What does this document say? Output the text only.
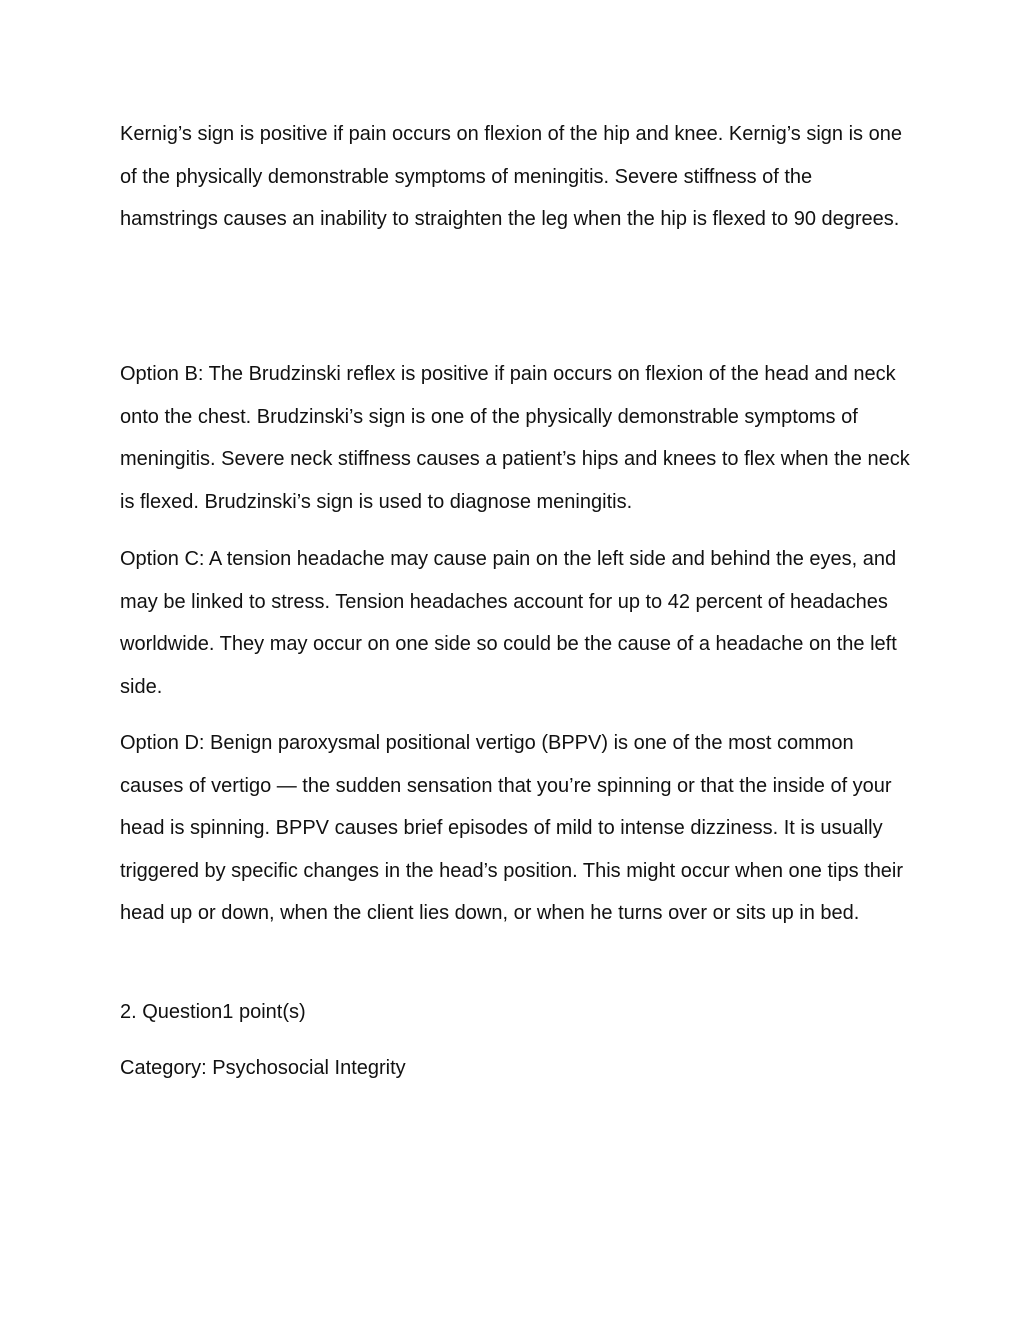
Kernig’s sign is positive if pain occurs on flexion of the hip and knee. Kernig’s sign is one of the physically demonstrable symptoms of meningitis. Severe stiffness of the hamstrings causes an inability to straighten the leg when the hip is flexed to 90 degrees.

Option B: The Brudzinski reflex is positive if pain occurs on flexion of the head and neck onto the chest. Brudzinski’s sign is one of the physically demonstrable symptoms of meningitis. Severe neck stiffness causes a patient’s hips and knees to flex when the neck is flexed. Brudzinski’s sign is used to diagnose meningitis.

Option C: A tension headache may cause pain on the left side and behind the eyes, and may be linked to stress. Tension headaches account for up to 42 percent of headaches worldwide. They may occur on one side so could be the cause of a headache on the left side.

Option D: Benign paroxysmal positional vertigo (BPPV) is one of the most common causes of vertigo — the sudden sensation that you’re spinning or that the inside of your head is spinning. BPPV causes brief episodes of mild to intense dizziness. It is usually triggered by specific changes in the head’s position. This might occur when one tips their head up or down, when the client lies down, or when he turns over or sits up in bed.

2. Question1 point(s)

Category: Psychosocial Integrity
